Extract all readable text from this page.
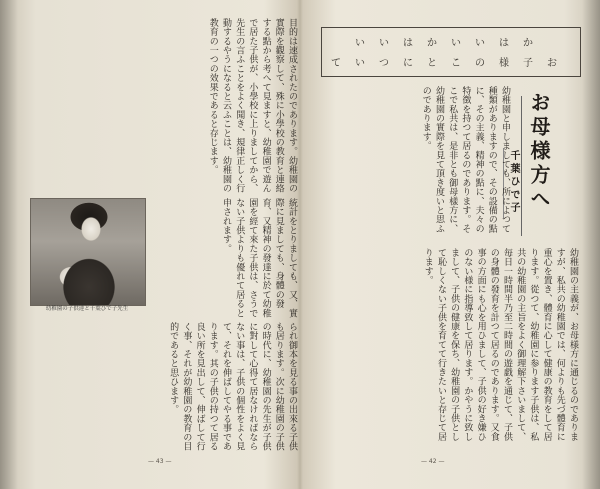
目的は速成されたのであります。幼稚園の實際を觀察して、殊に小學校の教育と連絡する點から考へて見ますと、幼稚園で遊んで居た子供が、小學校に上りましてから、先生の言ふことをよく聞き、規律正しく行動するやうになると云ふことは、幼稚園の教育の一つの效果であると存じます。
統計をとりましても、又、實際に見ましても、身體の發育、又精神の發達に於て幼稚園を經て來た子供は、さうでない子供よりも優れて居ると申されます。
幼稚園の子供達と千葉ひで子先生
られ御本を見る事の出來る子供も居ります。次に幼稚園の子供の時代に、幼稚園の先生が子供に對して心得て居なければならない事は、子供の個性をよく見て、それを伸ばしてやる事であります。其の子供の持つて居る良い所を見出して、伸ばして行く事、それが幼稚園の教育の目的であると思ひます。
— 43 —
いいはかいいはか
ていつにとこの様子お
お母様方へ
千葉ひで子
幼稚園と申しましても、所によつて種類がありますので、その設備の點に、その主義、精神の點に、夫々の特徴を持つて居るのであります。そこで私共は、是非とも御母樣方に、幼稚園の實際を見て頂き度いと思ふのであります。
幼稚園の主義が、お母様方に通じるのでありますが、私共の幼稚園では、何よりも先づ體育に重心を置き、體育に心して健康の教育をして居ります。從つて、幼稚園に参ります子供は、私共の幼稚園の主旨をよく御理解下さいまして、毎日一時間半乃至二時間の遊戯を通じて、子供の身體の發育を計つて居るのであります。又食事の方面にも心を用ひまして、子供の好き嫌ひのない様に指導致して居ります。かやうに致しまして、子供の健康を保ち、幼稚園の子供として恥しくない子供を育てて行きたいと存じて居ります。
— 42 —
